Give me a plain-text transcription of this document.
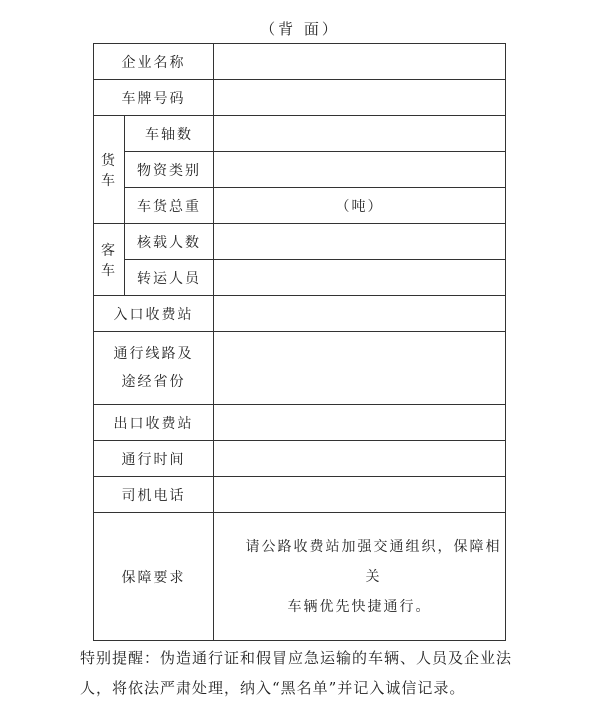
（背 面）
企业名称		
车牌号码		
货车	车轴数	
	物资类别	
	车货总重	（吨）
客车	核载人数	
	转运人员	
入口收费站		

通行线路及
途经省份		

出口收费站		
通行时间		
司机电话		
保障要求		请公路收费站加强交通组织，保障相关
车辆优先快捷通行。
特别提醒：伪造通行证和假冒应急运输的车辆、人员及企业法人，将依法严肃处理，纳入“黑名单”并记入诚信记录。
